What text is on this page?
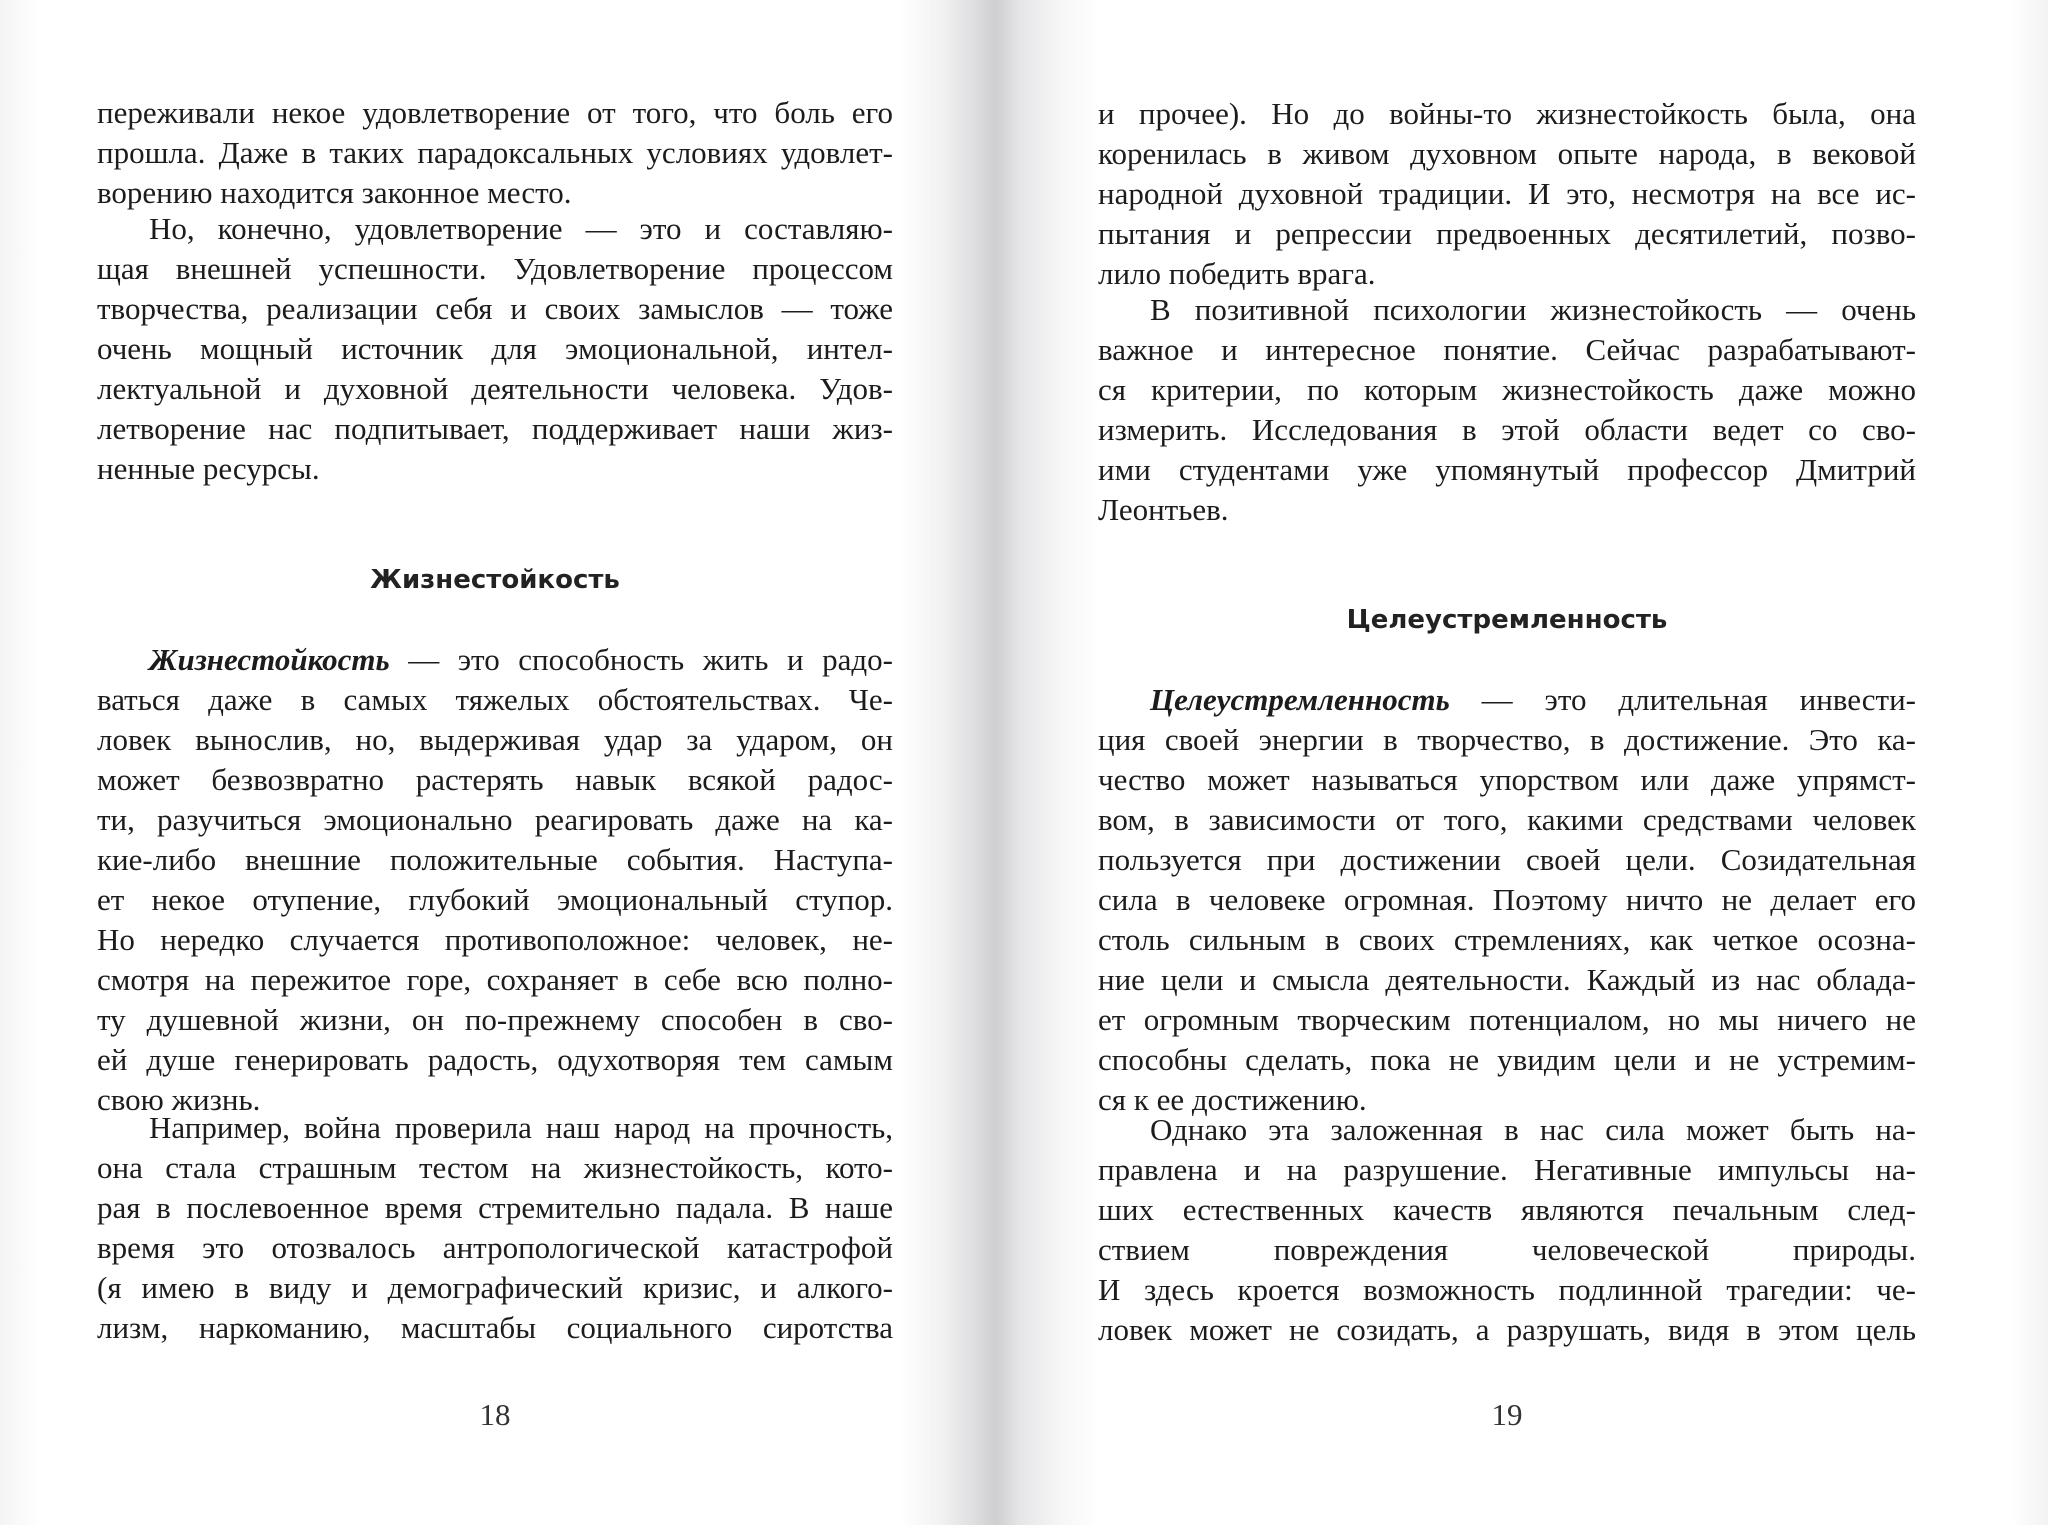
переживали некое удовлетворение от того, что боль его
прошла. Даже в таких парадоксальных условиях удовлет-
ворению находится законное место.
Но, конечно, удовлетворение — это и составляю-
щая внешней успешности. Удовлетворение процессом
творчества, реализации себя и своих замыслов — тоже
очень мощный источник для эмоциональной, интел-
лектуальной и духовной деятельности человека. Удов-
летворение нас подпитывает, поддерживает наши жиз-
ненные ресурсы.
Жизнестойкость
Жизнестойкость — это способность жить и радо-
ваться даже в самых тяжелых обстоятельствах. Че-
ловек вынослив, но, выдерживая удар за ударом, он
может безвозвратно растерять навык всякой радос-
ти, разучиться эмоционально реагировать даже на ка-
кие-либо внешние положительные события. Наступа-
ет некое отупение, глубокий эмоциональный ступор.
Но нередко случается противоположное: человек, не-
смотря на пережитое горе, сохраняет в себе всю полно-
ту душевной жизни, он по-прежнему способен в сво-
ей душе генерировать радость, одухотворяя тем самым
свою жизнь.
Например, война проверила наш народ на прочность,
она стала страшным тестом на жизнестойкость, кото-
рая в послевоенное время стремительно падала. В наше
время это отозвалось антропологической катастрофой
(я имею в виду и демографический кризис, и алкого-
лизм, наркоманию, масштабы социального сиротства
18
и прочее). Но до войны-то жизнестойкость была, она
коренилась в живом духовном опыте народа, в вековой
народной духовной традиции. И это, несмотря на все ис-
пытания и репрессии предвоенных десятилетий, позво-
лило победить врага.
В позитивной психологии жизнестойкость — очень
важное и интересное понятие. Сейчас разрабатывают-
ся критерии, по которым жизнестойкость даже можно
измерить. Исследования в этой области ведет со сво-
ими студентами уже упомянутый профессор Дмитрий
Леонтьев.
Целеустремленность
Целеустремленность — это длительная инвести-
ция своей энергии в творчество, в достижение. Это ка-
чество может называться упорством или даже упрямст-
вом, в зависимости от того, какими средствами человек
пользуется при достижении своей цели. Созидательная
сила в человеке огромная. Поэтому ничто не делает его
столь сильным в своих стремлениях, как четкое осозна-
ние цели и смысла деятельности. Каждый из нас облада-
ет огромным творческим потенциалом, но мы ничего не
способны сделать, пока не увидим цели и не устремим-
ся к ее достижению.
Однако эта заложенная в нас сила может быть на-
правлена и на разрушение. Негативные импульсы на-
ших естественных качеств являются печальным след-
ствием повреждения человеческой природы.
И здесь кроется возможность подлинной трагедии: че-
ловек может не созидать, а разрушать, видя в этом цель
19
